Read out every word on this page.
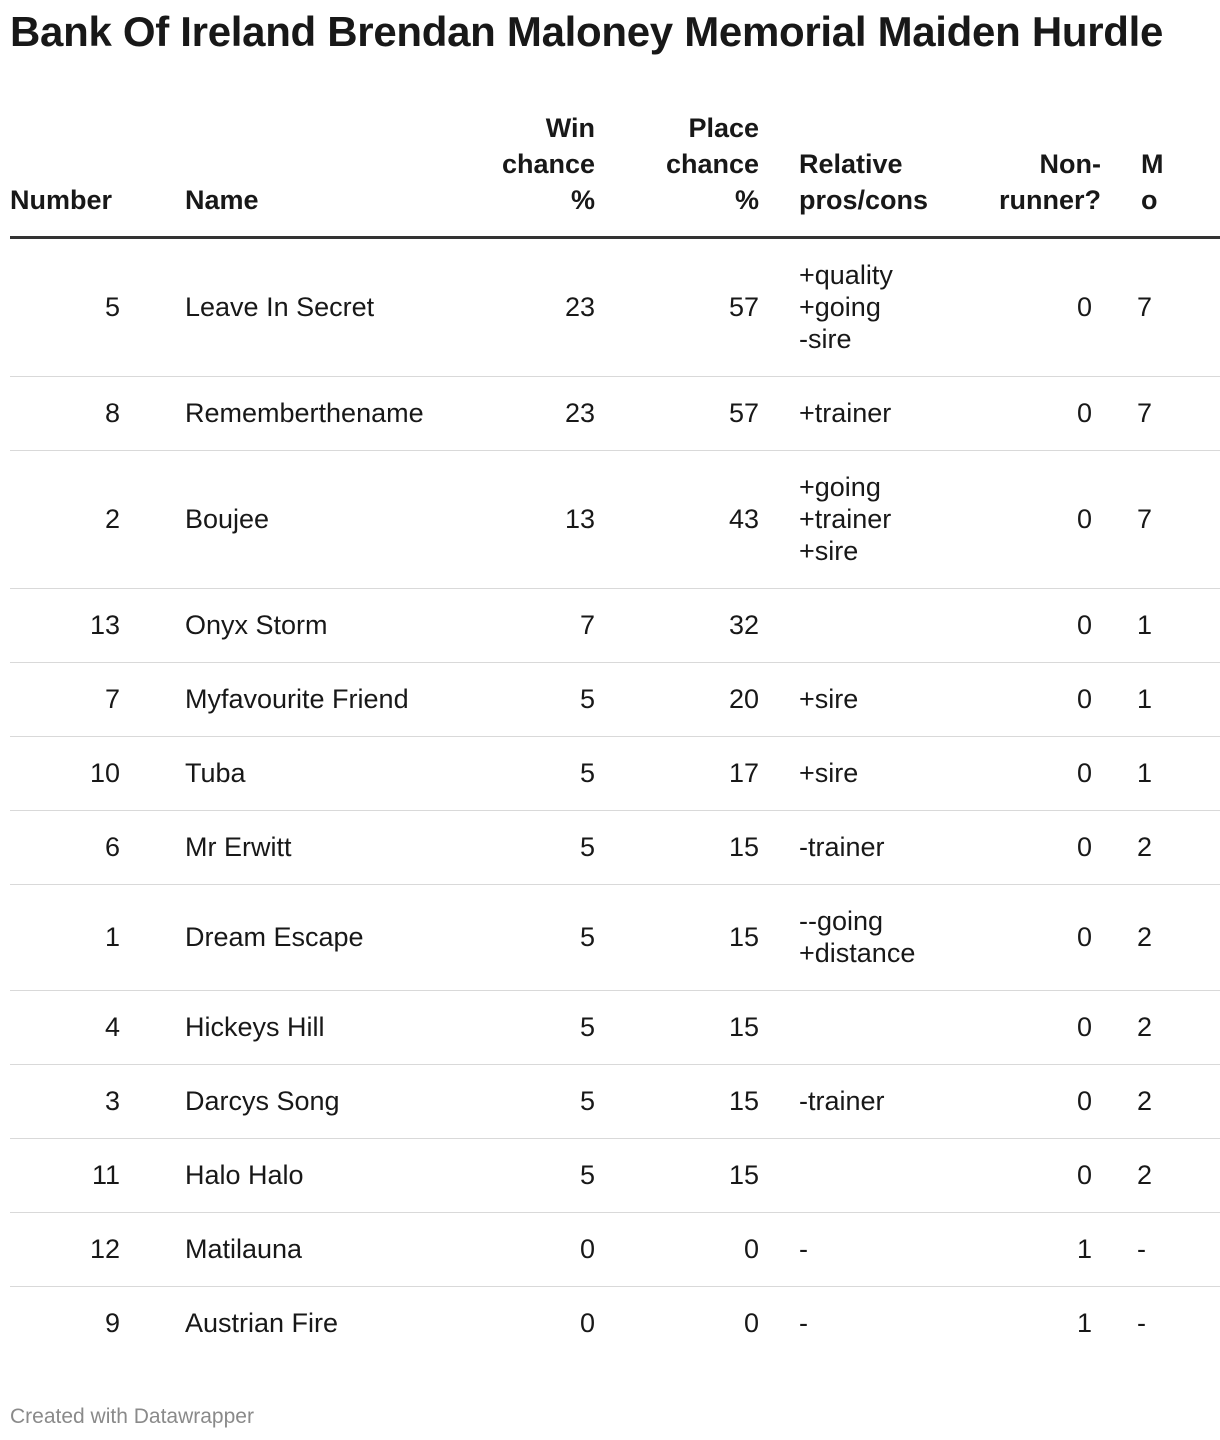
Bank Of Ireland Brendan Maloney Memorial Maiden Hurdle
Number	Name	Win
chance
%	Place
chance
%	Relative
pros/cons	Non-
runner?	M
o
5	Leave In Secret	23	57	+quality
+going
-sire	0	7
8	Rememberthename	23	57	+trainer	0	7
2	Boujee	13	43	+going
+trainer
+sire	0	7
13	Onyx Storm	7	32		0	1
7	Myfavourite Friend	5	20	+sire	0	1
10	Tuba	5	17	+sire	0	1
6	Mr Erwitt	5	15	-trainer	0	2
1	Dream Escape	5	15	--going
+distance	0	2
4	Hickeys Hill	5	15		0	2
3	Darcys Song	5	15	-trainer	0	2
11	Halo Halo	5	15		0	2
12	Matilauna	0	0	-	1	-
9	Austrian Fire	0	0	-	1	-
Created with Datawrapper
